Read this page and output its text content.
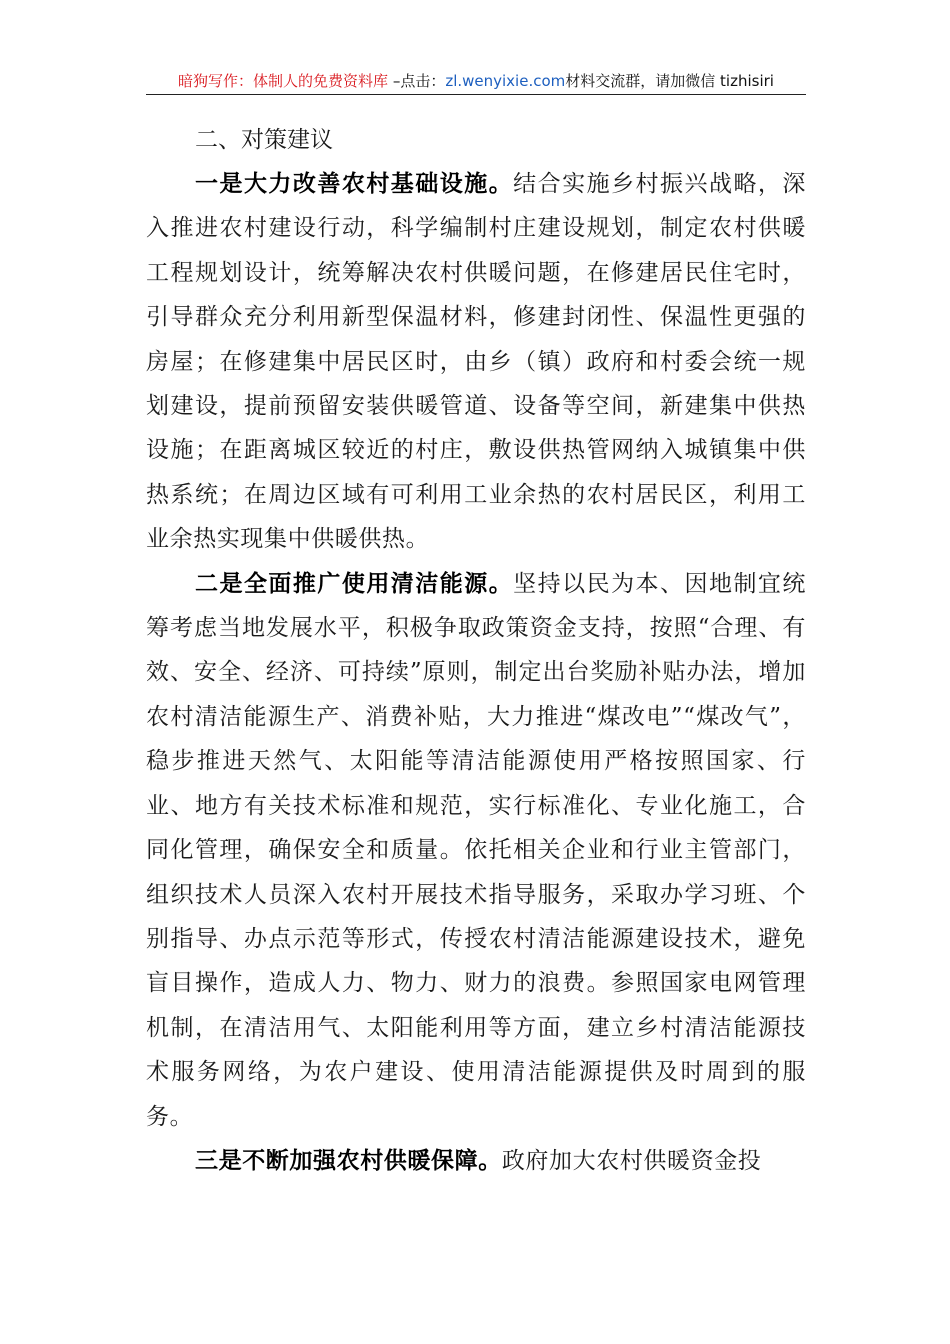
暗狗写作：体制人的免费资料库 –点击：zl.wenyixie.com材料交流群，请加微信 tizhisiri
二、对策建议

一是大力改善农村基础设施。结合实施乡村振兴战略，深入推进农村建设行动，科学编制村庄建设规划，制定农村供暖工程规划设计，统筹解决农村供暖问题，在修建居民住宅时，引导群众充分利用新型保温材料，修建封闭性、保温性更强的房屋；在修建集中居民区时，由乡（镇）政府和村委会统一规划建设，提前预留安装供暖管道、设备等空间，新建集中供热设施；在距离城区较近的村庄，敷设供热管网纳入城镇集中供热系统；在周边区域有可利用工业余热的农村居民区，利用工业余热实现集中供暖供热。

二是全面推广使用清洁能源。坚持以民为本、因地制宜统筹考虑当地发展水平，积极争取政策资金支持，按照“合理、有效、安全、经济、可持续”原则，制定出台奖励补贴办法，增加农村清洁能源生产、消费补贴，大力推进“煤改电”“煤改气”，稳步推进天然气、太阳能等清洁能源使用严格按照国家、行业、地方有关技术标准和规范，实行标准化、专业化施工，合同化管理，确保安全和质量。依托相关企业和行业主管部门，组织技术人员深入农村开展技术指导服务，采取办学习班、个别指导、办点示范等形式，传授农村清洁能源建设技术，避免盲目操作，造成人力、物力、财力的浪费。参照国家电网管理机制，在清洁用气、太阳能利用等方面，建立乡村清洁能源技术服务网络，为农户建设、使用清洁能源提供及时周到的服务。

三是不断加强农村供暖保障。政府加大农村供暖资金投
